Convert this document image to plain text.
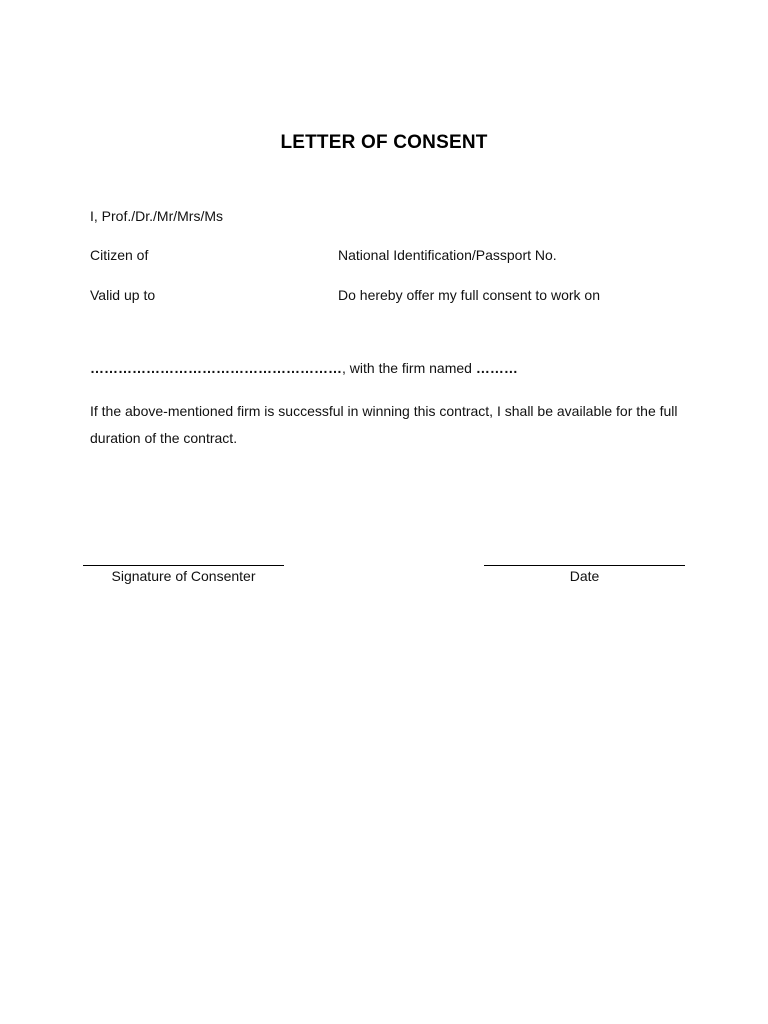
LETTER OF CONSENT
I, Prof./Dr./Mr/Mrs/Ms
Citizen of	National Identification/Passport No.
Valid up to	Do hereby offer my full consent to work on
………………………………………………, with the firm named ………
If the above-mentioned firm is successful in winning this contract, I shall be available for the full duration of the contract.
Signature of Consenter	Date
